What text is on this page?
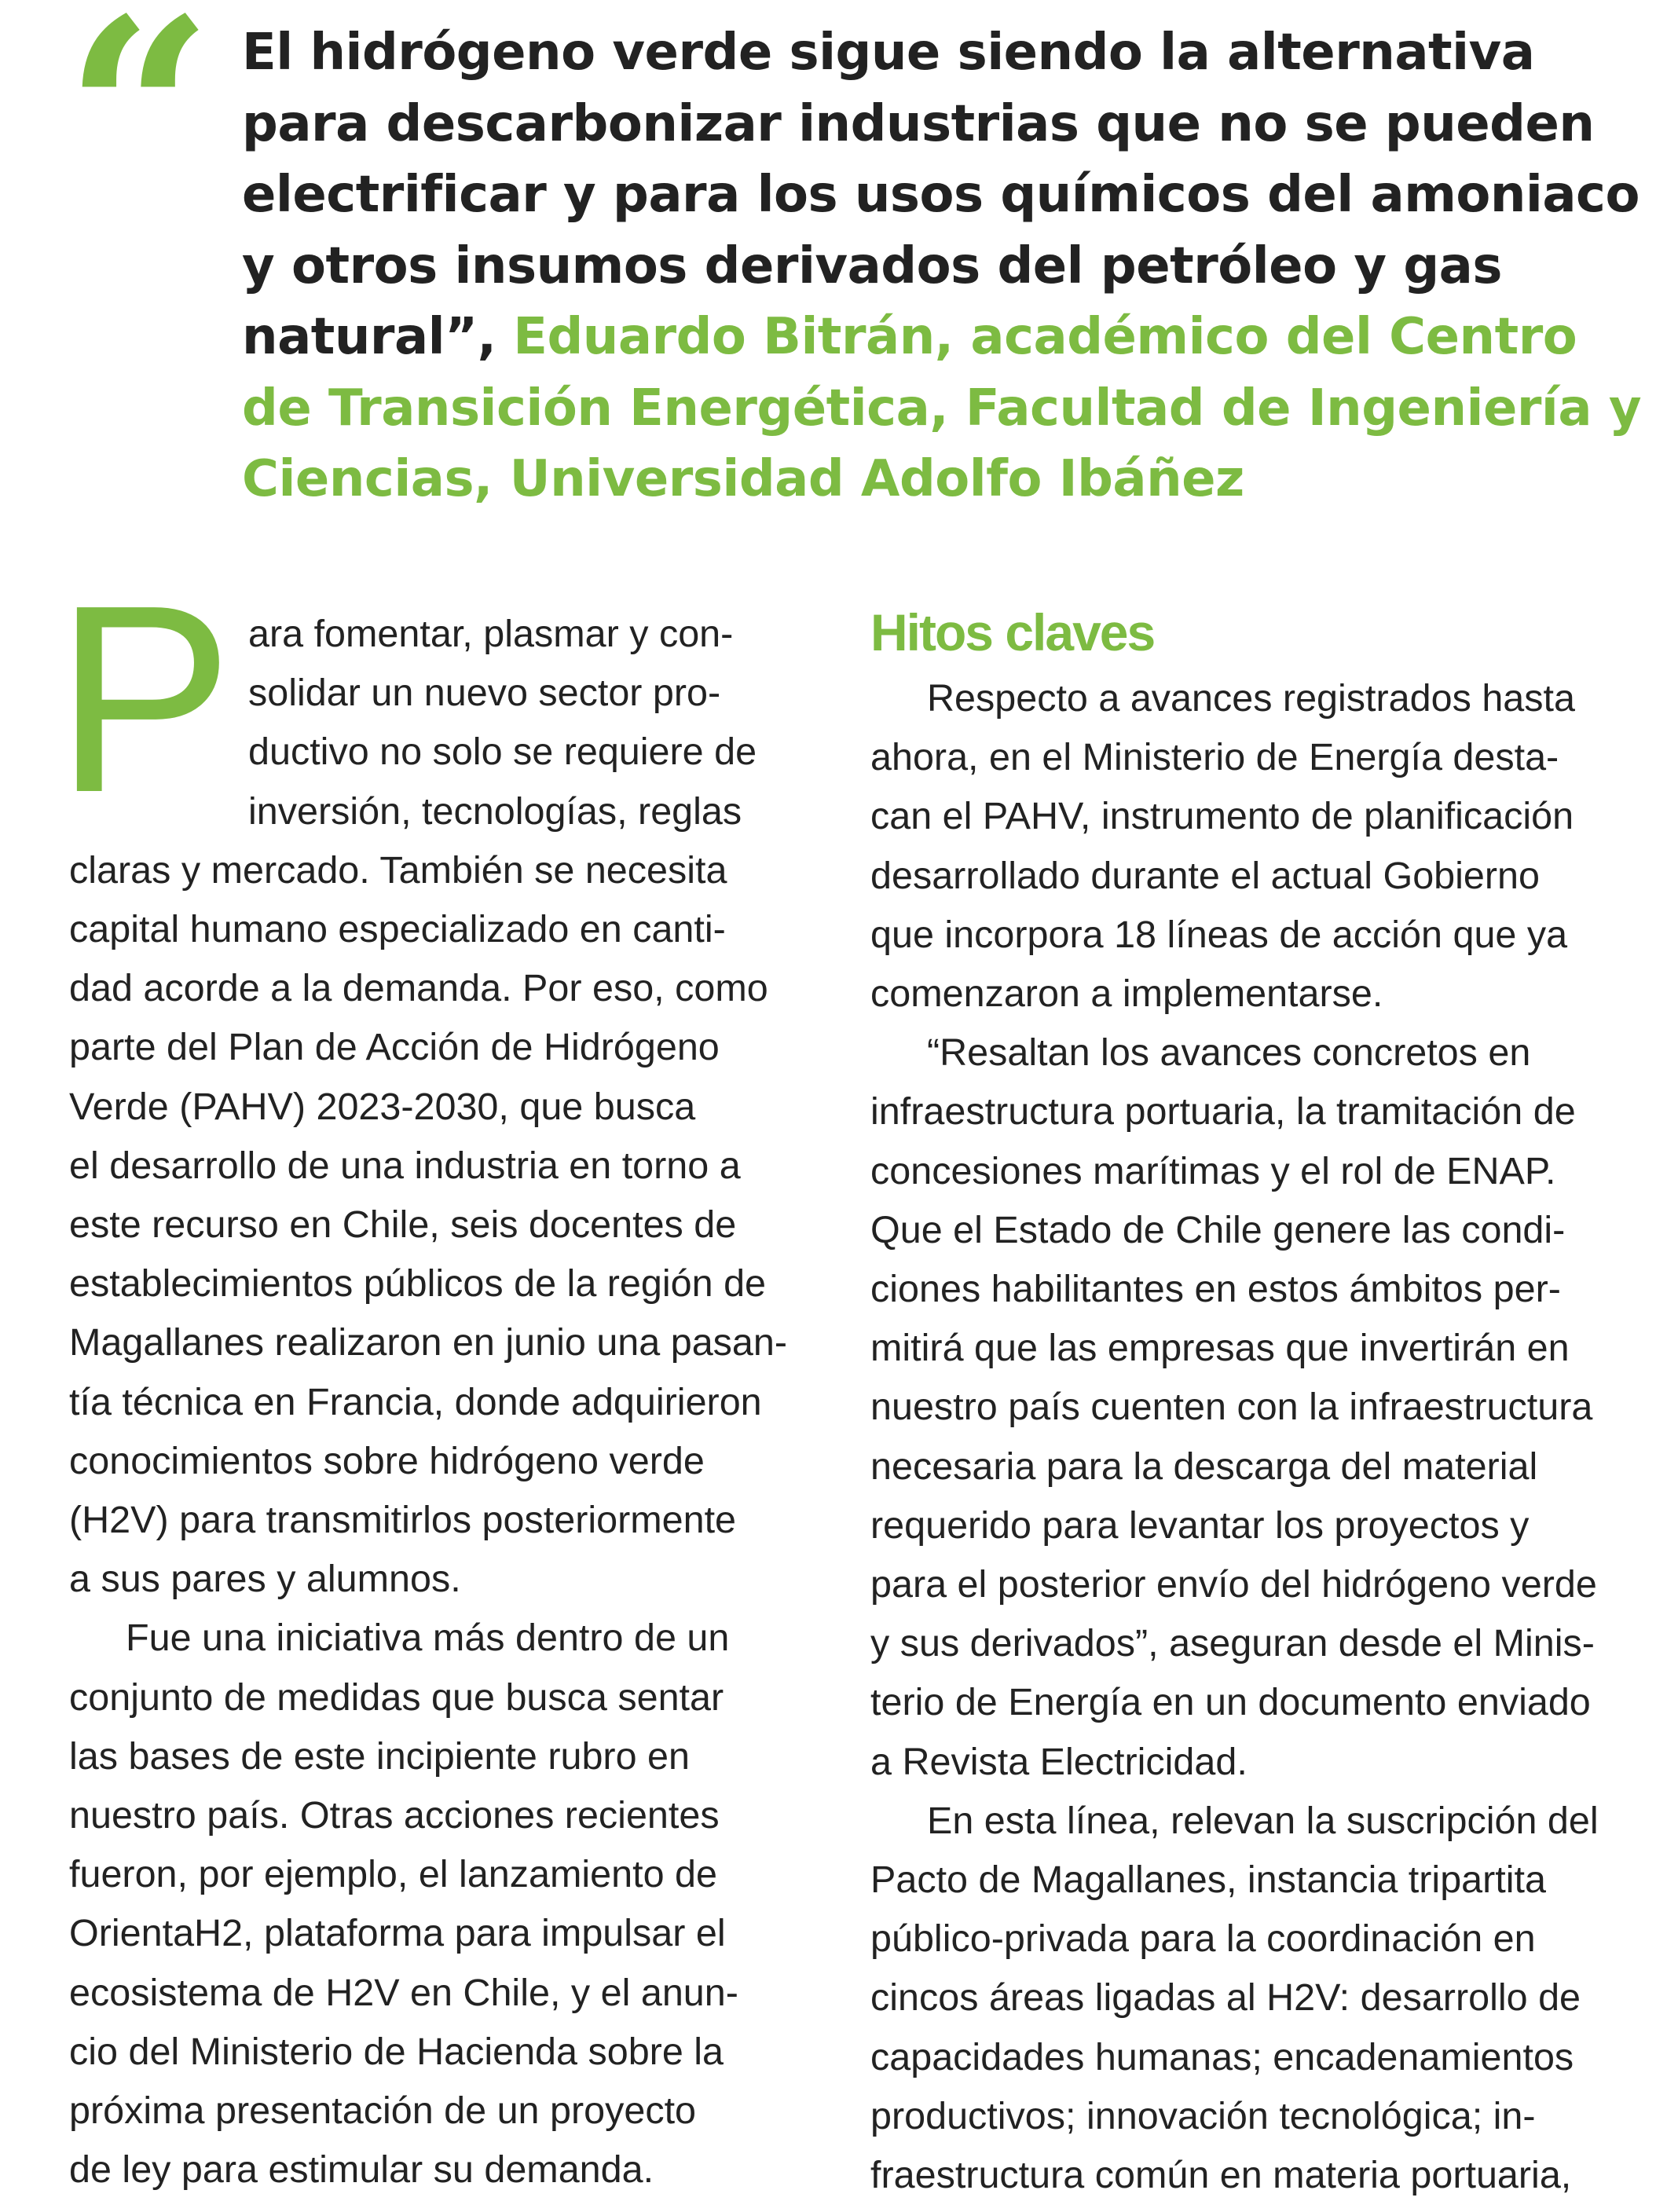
“ El hidrógeno verde sigue siendo la alternativa
para descarbonizar industrias que no se pueden
electrificar y para los usos químicos del amoniaco
y otros insumos derivados del petróleo y gas
natural”, Eduardo Bitrán, académico del Centro
de Transición Energética, Facultad de Ingeniería y
Ciencias, Universidad Adolfo Ibáñez
P ara fomentar, plasmar y con-
solidar un nuevo sector pro-
ductivo no solo se requiere de
inversión, tecnologías, reglas
claras y mercado. También se necesita
capital humano especializado en canti-
dad acorde a la demanda. Por eso, como
parte del Plan de Acción de Hidrógeno
Verde (PAHV) 2023-2030, que busca
el desarrollo de una industria en torno a
este recurso en Chile, seis docentes de
establecimientos públicos de la región de
Magallanes realizaron en junio una pasan-
tía técnica en Francia, donde adquirieron
conocimientos sobre hidrógeno verde
(H2V) para transmitirlos posteriormente
a sus pares y alumnos.
Fue una iniciativa más dentro de un
conjunto de medidas que busca sentar
las bases de este incipiente rubro en
nuestro país. Otras acciones recientes
fueron, por ejemplo, el lanzamiento de
OrientaH2, plataforma para impulsar el
ecosistema de H2V en Chile, y el anun-
cio del Ministerio de Hacienda sobre la
próxima presentación de un proyecto
de ley para estimular su demanda.
Hitos claves
Respecto a avances registrados hasta
ahora, en el Ministerio de Energía desta-
can el PAHV, instrumento de planificación
desarrollado durante el actual Gobierno
que incorpora 18 líneas de acción que ya
comenzaron a implementarse.
“Resaltan los avances concretos en
infraestructura portuaria, la tramitación de
concesiones marítimas y el rol de ENAP.
Que el Estado de Chile genere las condi-
ciones habilitantes en estos ámbitos per-
mitirá que las empresas que invertirán en
nuestro país cuenten con la infraestructura
necesaria para la descarga del material
requerido para levantar los proyectos y
para el posterior envío del hidrógeno verde
y sus derivados”, aseguran desde el Minis-
terio de Energía en un documento enviado
a Revista Electricidad.
En esta línea, relevan la suscripción del
Pacto de Magallanes, instancia tripartita
público-privada para la coordinación en
cincos áreas ligadas al H2V: desarrollo de
capacidades humanas; encadenamientos
productivos; innovación tecnológica; in-
fraestructura común en materia portuaria,
